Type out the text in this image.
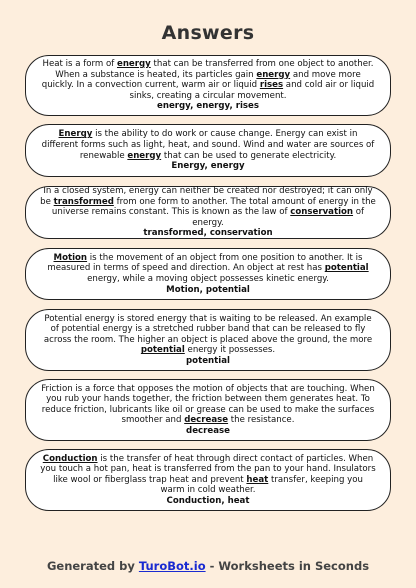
Answers

Heat is a form of energy that can be transferred from one object to another. When a substance is heated, its particles gain energy and move more quickly. In a convection current, warm air or liquid rises and cold air or liquid sinks, creating a circular movement.

energy, energy, rises

Energy is the ability to do work or cause change. Energy can exist in different forms such as light, heat, and sound. Wind and water are sources of renewable energy that can be used to generate electricity.

Energy, energy

In a closed system, energy can neither be created nor destroyed; it can only be transformed from one form to another. The total amount of energy in the universe remains constant. This is known as the law of conservation of energy.

transformed, conservation

Motion is the movement of an object from one position to another. It is measured in terms of speed and direction. An object at rest has potential energy, while a moving object possesses kinetic energy.

Motion, potential

Potential energy is stored energy that is waiting to be released. An example of potential energy is a stretched rubber band that can be released to fly across the room. The higher an object is placed above the ground, the more potential energy it possesses.

potential

Friction is a force that opposes the motion of objects that are touching. When you rub your hands together, the friction between them generates heat. To reduce friction, lubricants like oil or grease can be used to make the surfaces smoother and decrease the resistance.

decrease

Conduction is the transfer of heat through direct contact of particles. When you touch a hot pan, heat is transferred from the pan to your hand. Insulators like wool or fiberglass trap heat and prevent heat transfer, keeping you warm in cold weather.

Conduction, heat

Generated by TuroBot.io - Worksheets in Seconds
